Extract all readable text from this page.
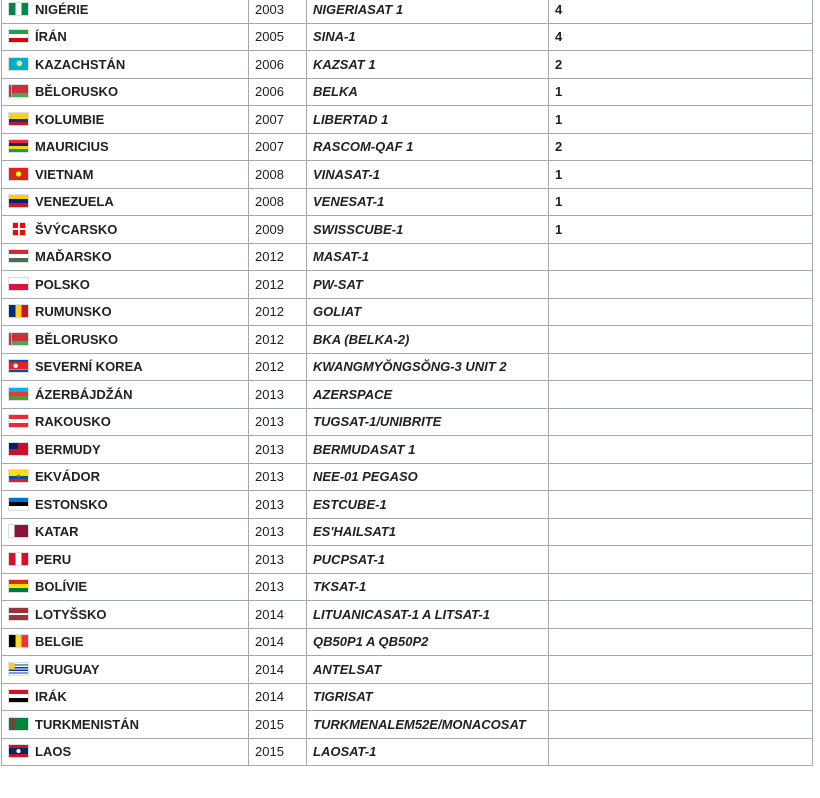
NIGÉRIE	2003	NIGERIASAT 1	4
ÍRÁN	2005	SINA-1	4
KAZACHSTÁN	2006	KAZSAT 1	2
BĚLORUSKO	2006	BELKA	1
KOLUMBIE	2007	LIBERTAD 1	1
MAURICIUS	2007	RASCOM-QAF 1	2
VIETNAM	2008	VINASAT-1	1
VENEZUELA	2008	VENESAT-1	1
ŠVÝCARSKO	2009	SWISSCUBE-1	1
MAĎARSKO	2012	MASAT-1	
POLSKO	2012	PW-SAT	
RUMUNSKO	2012	GOLIAT	
BĚLORUSKO	2012	BKA (BELKA-2)	
SEVERNÍ KOREA	2012	KWANGMYŎNGSŎNG-3 UNIT 2	
ÁZERBÁJDŽÁN	2013	AZERSPACE	
RAKOUSKO	2013	TUGSAT-1/UNIBRITE	
BERMUDY	2013	BERMUDASAT 1	
EKVÁDOR	2013	NEE-01 PEGASO	
ESTONSKO	2013	ESTCUBE-1	
KATAR	2013	ES'HAILSAT1	
PERU	2013	PUCPSAT-1	
BOLÍVIE	2013	TKSAT-1	
LOTYŠSKO	2014	LITUANICASAT-1 A LITSAT-1	
BELGIE	2014	QB50P1 A QB50P2	
URUGUAY	2014	ANTELSAT	
IRÁK	2014	TIGRISAT	
TURKMENISTÁN	2015	TURKMENALEM52E/MONACOSAT	
LAOS	2015	LAOSAT-1	
